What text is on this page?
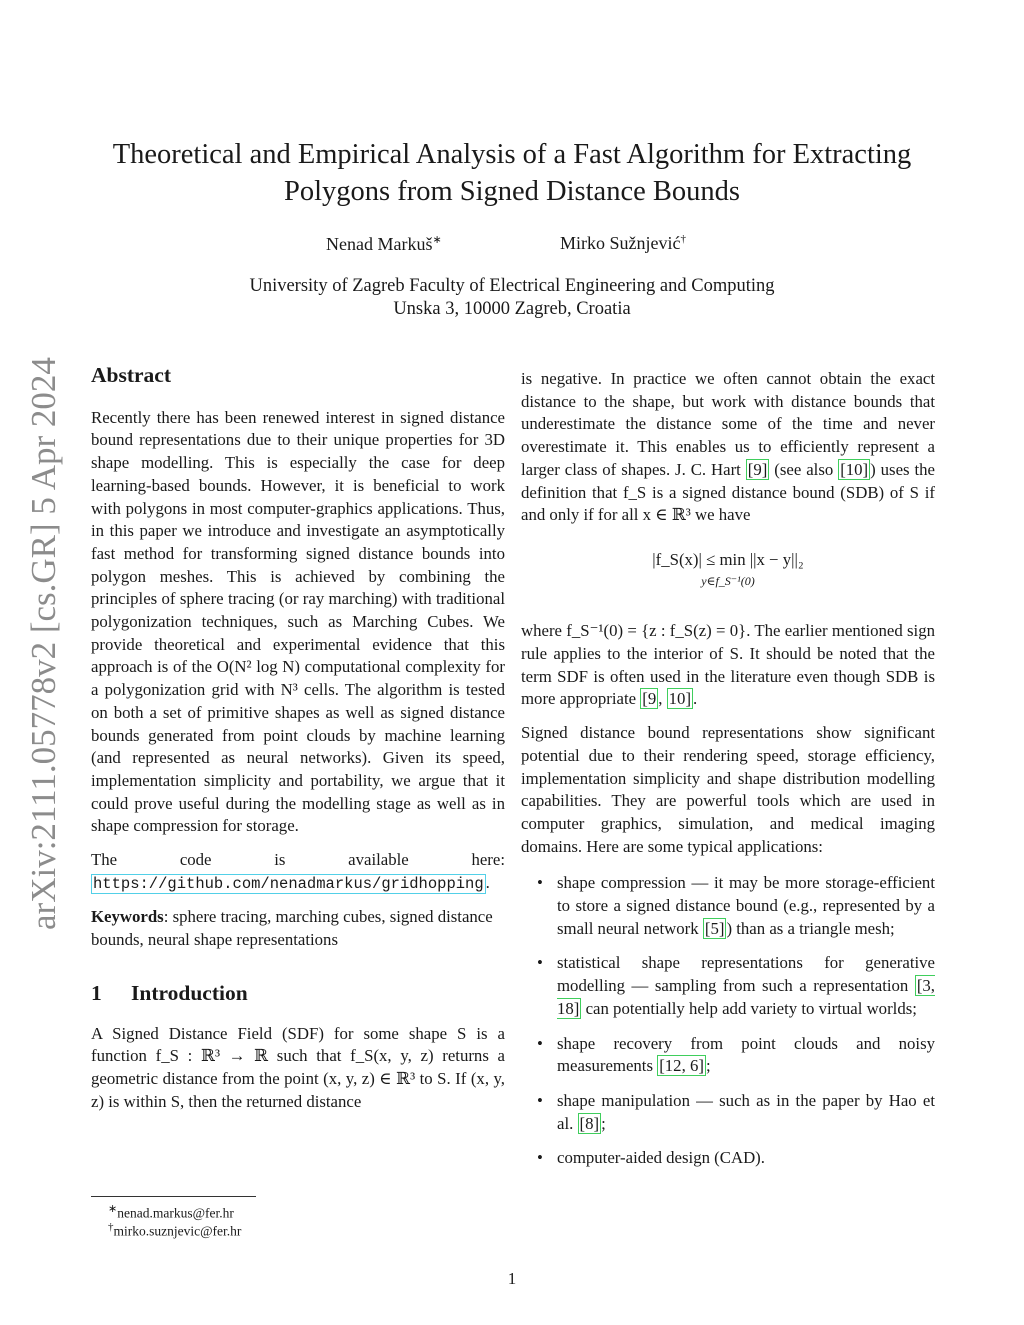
Theoretical and Empirical Analysis of a Fast Algorithm for Extracting Polygons from Signed Distance Bounds
Nenad Markuš∗	Mirko Sužnjević†
University of Zagreb Faculty of Electrical Engineering and Computing
Unska 3, 10000 Zagreb, Croatia
arXiv:2111.05778v2 [cs.GR] 5 Apr 2024 Abstract

Recently there has been renewed interest in signed distance bound representations due to their unique properties for 3D shape modelling. This is especially the case for deep learning-based bounds. However, it is beneficial to work with polygons in most computer-graphics applications. Thus, in this paper we introduce and investigate an asymptotically fast method for transforming signed distance bounds into polygon meshes. This is achieved by combining the principles of sphere tracing (or ray marching) with traditional polygonization techniques, such as Marching Cubes. We provide theoretical and experimental evidence that this approach is of the O(N² log N) computational complexity for a polygonization grid with N³ cells. The algorithm is tested on both a set of primitive shapes as well as signed distance bounds generated from point clouds by machine learning (and represented as neural networks). Given its speed, implementation simplicity and portability, we argue that it could prove useful during the modelling stage as well as in shape compression for storage.

The code is available here: https://github.com/nenadmarkus/gridhopping .

Keywords: sphere tracing, marching cubes, signed distance bounds, neural shape representations

1 Introduction

A Signed Distance Field (SDF) for some shape S is a function f_S : ℝ³ → ℝ such that f_S(x, y, z) returns a geometric distance from the point (x, y, z) ∈ ℝ³ to S. If (x, y, z) is within S, then the returned distance

is negative. In practice we often cannot obtain the exact distance to the shape, but work with distance bounds that underestimate the distance some of the time and never overestimate it. This enables us to efficiently represent a larger class of shapes. J. C. Hart [9] (see also [10] ) uses the definition that f_S is a signed distance bound (SDB) of S if and only if for all x ∈ ℝ³ we have

|f_S(x)| ≤ min ||x − y||₂
y∈f_S⁻¹(0)

where f_S⁻¹(0) = {z : f_S(z) = 0}. The earlier mentioned sign rule applies to the interior of S. It should be noted that the term SDF is often used in the literature even though SDB is more appropriate [9 , 10] .

Signed distance bound representations show significant potential due to their rendering speed, storage efficiency, implementation simplicity and shape distribution modelling capabilities. They are powerful tools which are used in computer graphics, simulation, and medical imaging domains. Here are some typical applications:

• shape compression — it may be more storage-efficient to store a signed distance bound (e.g., represented by a small neural network [5] ) than as a triangle mesh;
• statistical shape representations for generative modelling — sampling from such a representation [3, 18] can potentially help add variety to virtual worlds;
• shape recovery from point clouds and noisy measurements [12, 6] ;
• shape manipulation — such as in the paper by Hao et al. [8] ;
• computer-aided design (CAD).
∗nenad.markus@fer.hr
†mirko.suznjevic@fer.hr
1
